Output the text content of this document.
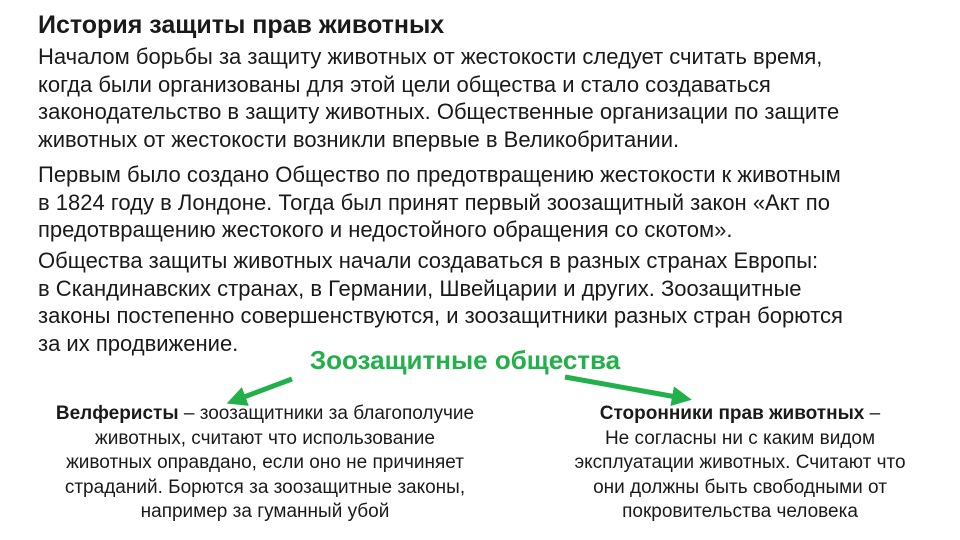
История защиты прав животных

Началом борьбы за защиту животных от жестокости следует считать время,
когда были организованы для этой цели общества и стало создаваться
законодательство в защиту животных. Общественные организации по защите
животных от жестокости возникли впервые в Великобритании.

Первым было создано Общество по предотвращению жестокости к животным
в 1824 году в Лондоне. Тогда был принят первый зоозащитный закон «Акт по
предотвращению жестокого и недостойного обращения со скотом».

Общества защиты животных начали создаваться в разных странах Европы:
в Скандинавских странах, в Германии, Швейцарии и других. Зоозащитные
законы постепенно совершенствуются, и зоозащитники разных стран борются
за их продвижение.

Зоозащитные общества
Велферисты – зоозащитники за благополучие
животных, считают что использование
животных оправдано, если оно не причиняет
страданий. Борются за зоозащитные законы,
например за гуманный убой
Сторонники прав животных –
Не согласны ни с каким видом
эксплуатации животных. Считают что
они должны быть свободными от
покровительства человека
